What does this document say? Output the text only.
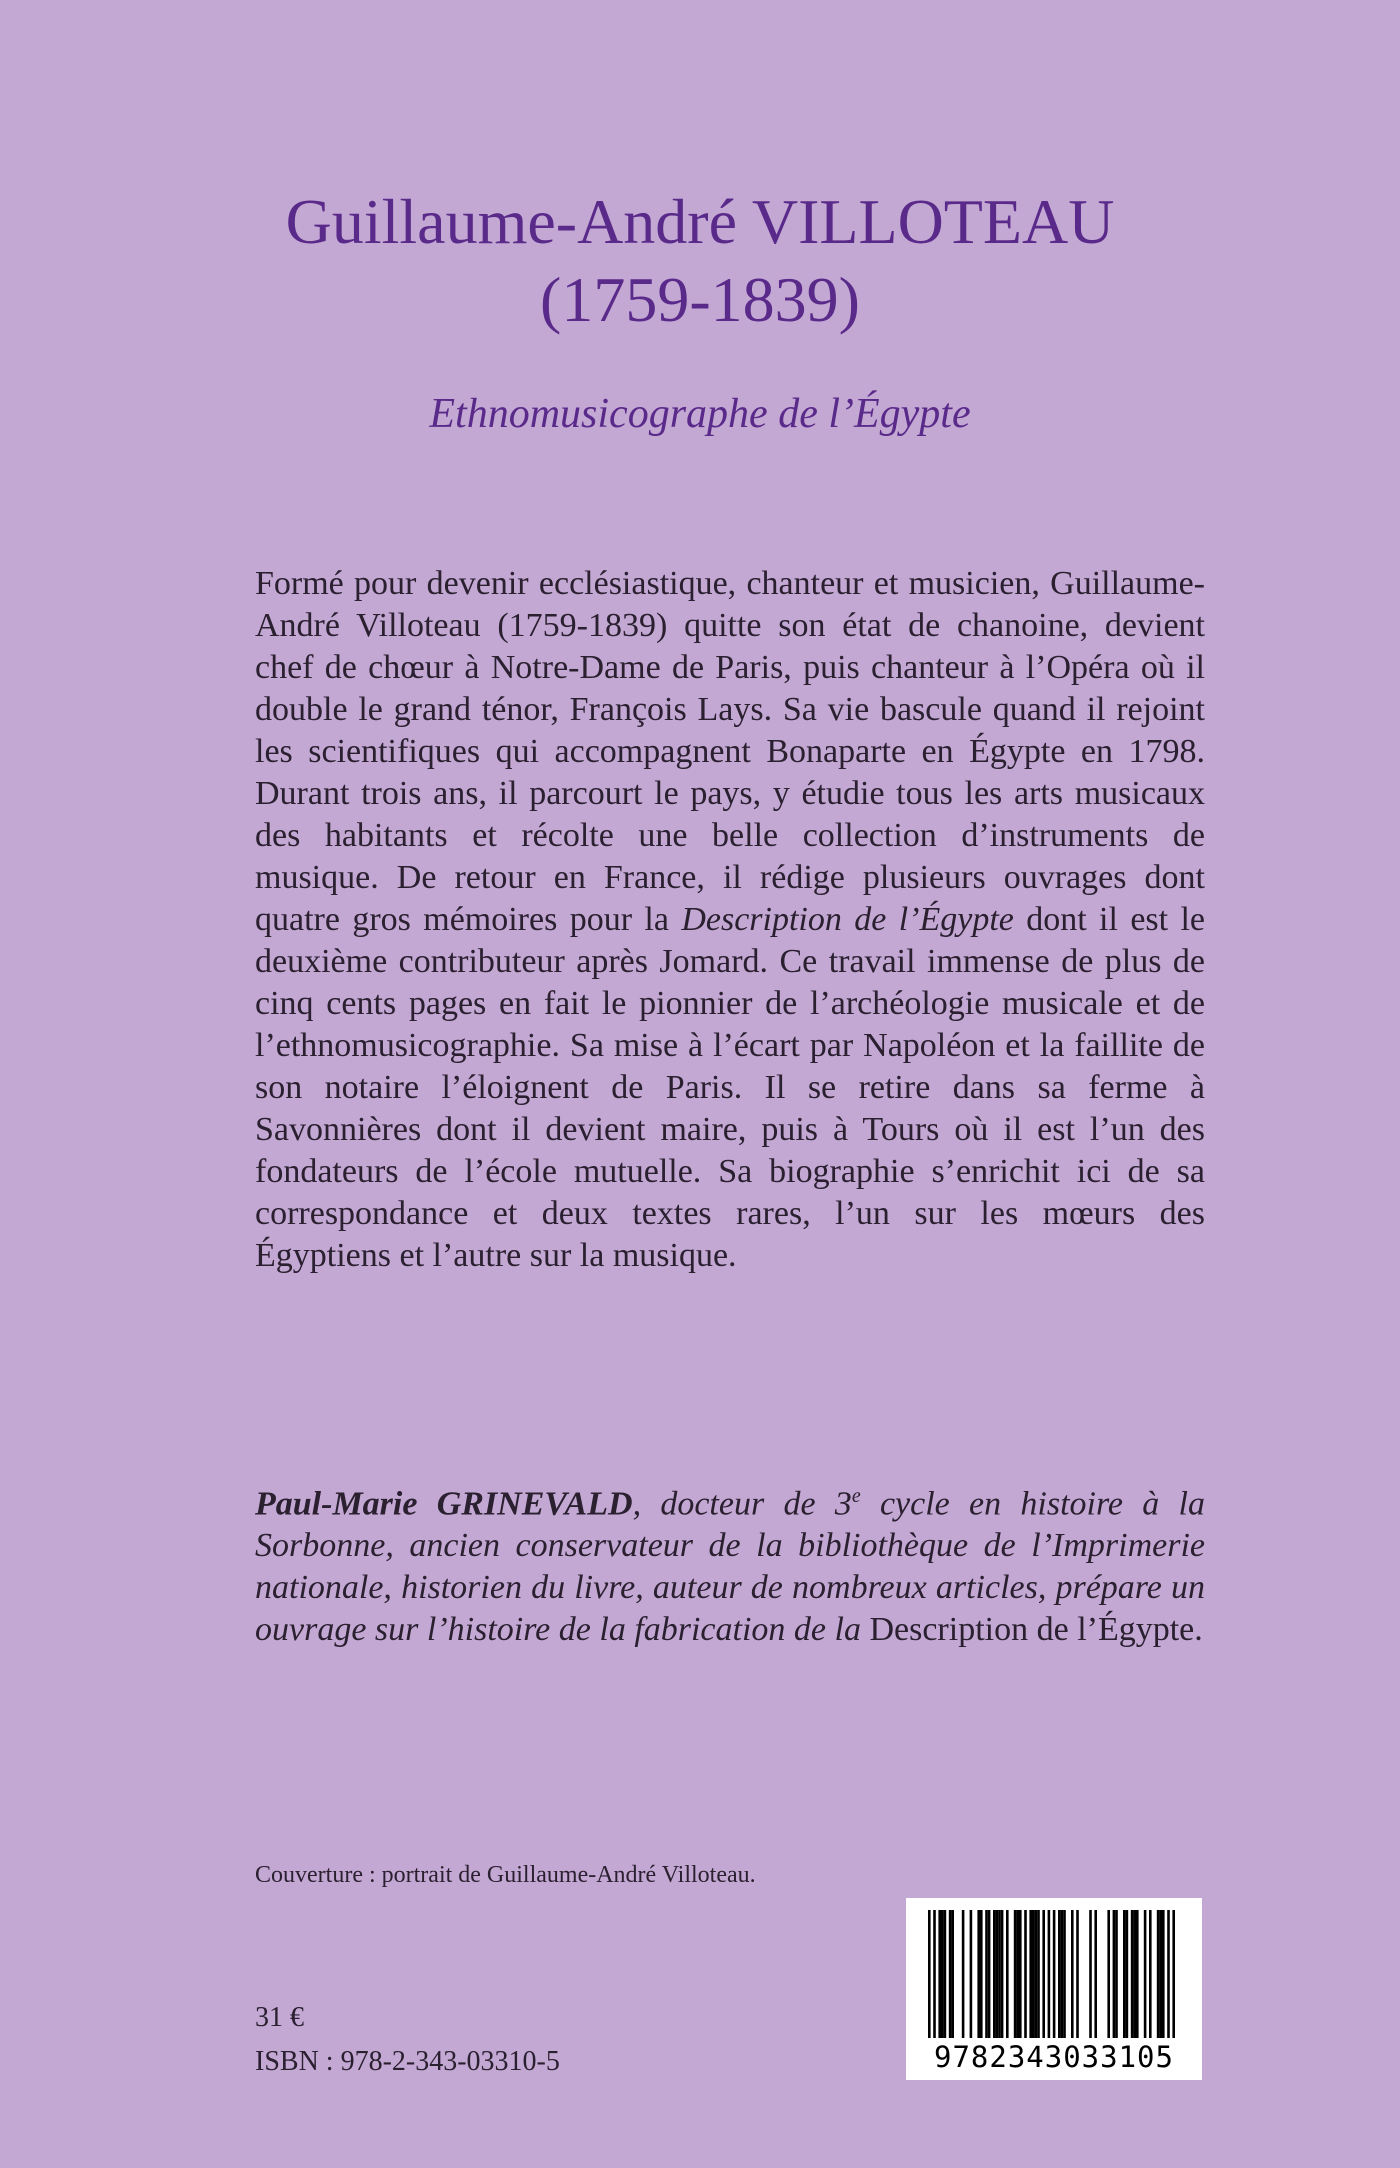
Guillaume-André VILLOTEAU
(1759-1839)
Ethnomusicographe de l’Égypte

Formé pour devenir ecclésiastique, chanteur et musicien, Guillaume-André Villoteau (1759-1839) quitte son état de chanoine, devient chef de chœur à Notre-Dame de Paris, puis chanteur à l’Opéra où il double le grand ténor, François Lays. Sa vie bascule quand il rejoint les scientifiques qui accompagnent Bonaparte en Égypte en 1798. Durant trois ans, il parcourt le pays, y étudie tous les arts musicaux des habitants et récolte une belle collection d’instruments de musique. De retour en France, il rédige plusieurs ouvrages dont quatre gros mémoires pour la Description de l’Égypte dont il est le deuxième contributeur après Jomard. Ce travail immense de plus de cinq cents pages en fait le pionnier de l’archéologie musicale et de l’ethnomusicographie. Sa mise à l’écart par Napoléon et la faillite de son notaire l’éloignent de Paris. Il se retire dans sa ferme à Savonnières dont il devient maire, puis à Tours où il est l’un des fondateurs de l’école mutuelle. Sa biographie s’enrichit ici de sa correspondance et deux textes rares, l’un sur les mœurs des Égyptiens et l’autre sur la musique.

Paul-Marie GRINEVALD, docteur de 3e cycle en histoire à la Sorbonne, ancien conservateur de la bibliothèque de l’Imprimerie nationale, historien du livre, auteur de nombreux articles, prépare un ouvrage sur l’histoire de la fabrication de la Description de l’Égypte.

Couverture : portrait de Guillaume-André Villoteau.
31 €
ISBN : 978-2-343-03310-5	9782343033105
